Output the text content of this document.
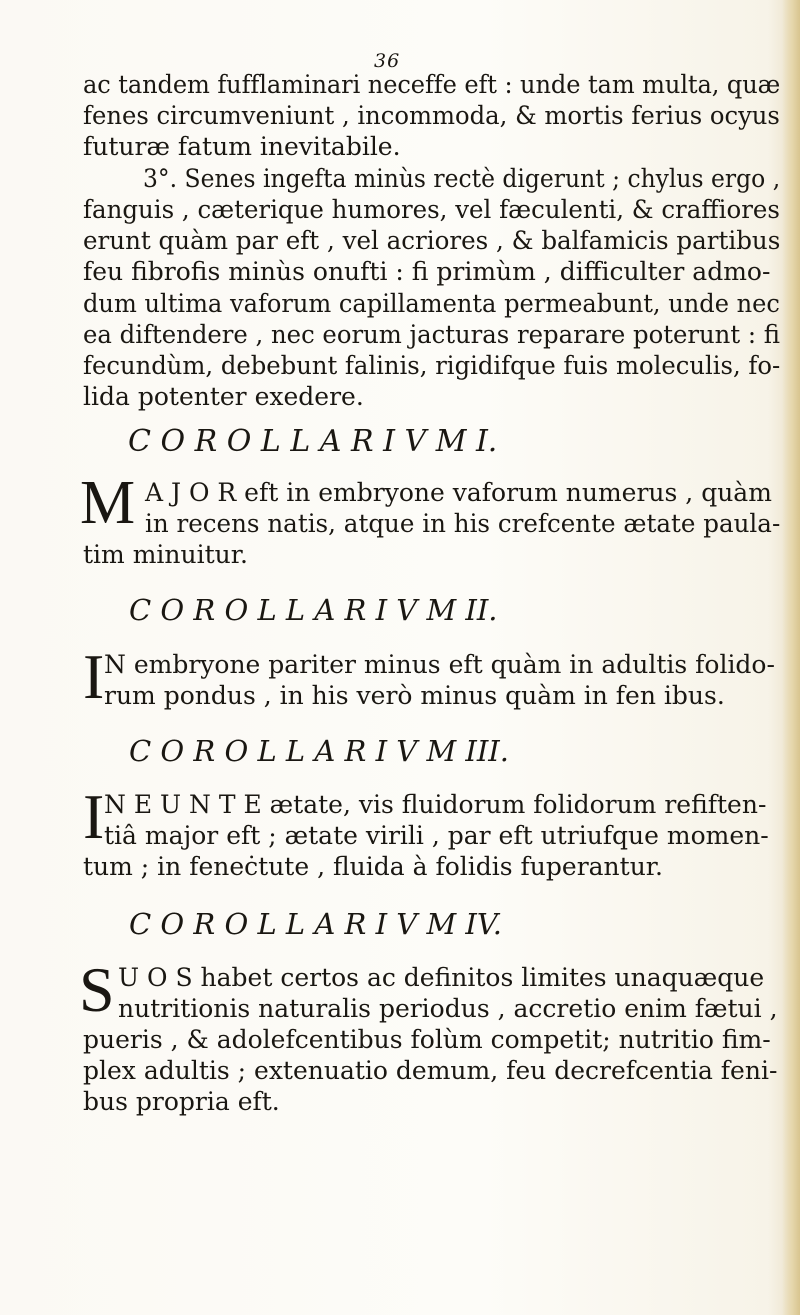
36
ac tandem fufflaminari neceffe eft : unde tam multa, quæ
fenes circumveniunt , incommoda, & mortis ferius ocyus
futuræ fatum inevitabile.
3°. Senes ingefta minùs rectè digerunt ; chylus ergo ,
fanguis , cæterique humores, vel fæculenti, & craffiores
erunt quàm par eft , vel acriores , & balfamicis partibus
feu fibrofis minùs onufti : fi primùm , difficulter admo-
dum ultima vaforum capillamenta permeabunt, unde nec
ea diftendere , nec eorum jacturas reparare poterunt : fi
fecundùm, debebunt falinis, rigidifque fuis moleculis, fo-
lida potenter exedere.
C O R O L L A R I V M I.
M A J O R eft in embryone vaforum numerus , quàm
in recens natis, atque in his crefcente ætate paula-
tim minuitur.
C O R O L L A R I V M II.
I N embryone pariter minus eft quàm in adultis folido-
rum pondus , in his verò minus quàm in fen ibus.
C O R O L L A R I V M III.
I N E U N T E ætate, vis fluidorum folidorum refiften-
tiâ major eft ; ætate virili , par eft utriufque momen-
tum ; in feneċtute , fluida à folidis fuperantur.
C O R O L L A R I V M IV.
S U O S habet certos ac definitos limites unaquæque
nutritionis naturalis periodus , accretio enim fætui ,
pueris , & adolefcentibus folùm competit; nutritio fim-
plex adultis ; extenuatio demum, feu decrefcentia feni-
bus propria eft.
